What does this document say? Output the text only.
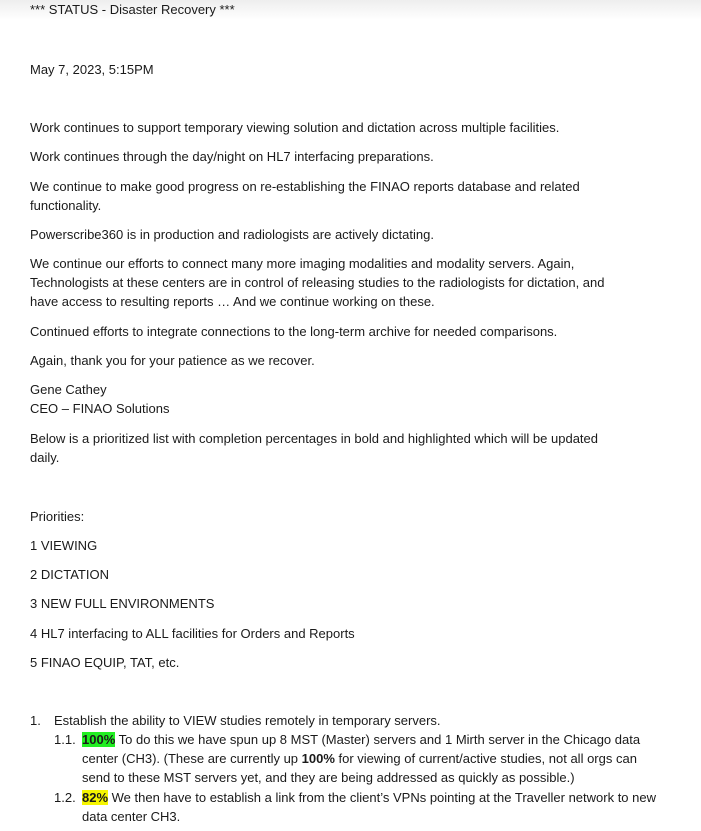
*** STATUS - Disaster Recovery ***

May 7, 2023, 5:15PM

Work continues to support temporary viewing solution and dictation across multiple facilities.

Work continues through the day/night on HL7 interfacing preparations.

We continue to make good progress on re-establishing the FINAO reports database and related functionality.

Powerscribe360 is in production and radiologists are actively dictating.

We continue our efforts to connect many more imaging modalities and modality servers. Again, Technologists at these centers are in control of releasing studies to the radiologists for dictation, and have access to resulting reports … And we continue working on these.

Continued efforts to integrate connections to the long-term archive for needed comparisons.

Again, thank you for your patience as we recover.

Gene Cathey

CEO – FINAO Solutions

Below is a prioritized list with completion percentages in bold and highlighted which will be updated daily.

Priorities:

1 VIEWING

2 DICTATION

3 NEW FULL ENVIRONMENTS

4 HL7 interfacing to ALL facilities for Orders and Reports

5 FINAO EQUIP, TAT, etc.

1. Establish the ability to VIEW studies remotely in temporary servers.
1.1. 100% To do this we have spun up 8 MST (Master) servers and 1 Mirth server in the Chicago data center (CH3). (These are currently up 100% for viewing of current/active studies, not all orgs can send to these MST servers yet, and they are being addressed as quickly as possible.)
1.2. 82% We then have to establish a link from the client’s VPNs pointing at the Traveller network to new data center CH3.
